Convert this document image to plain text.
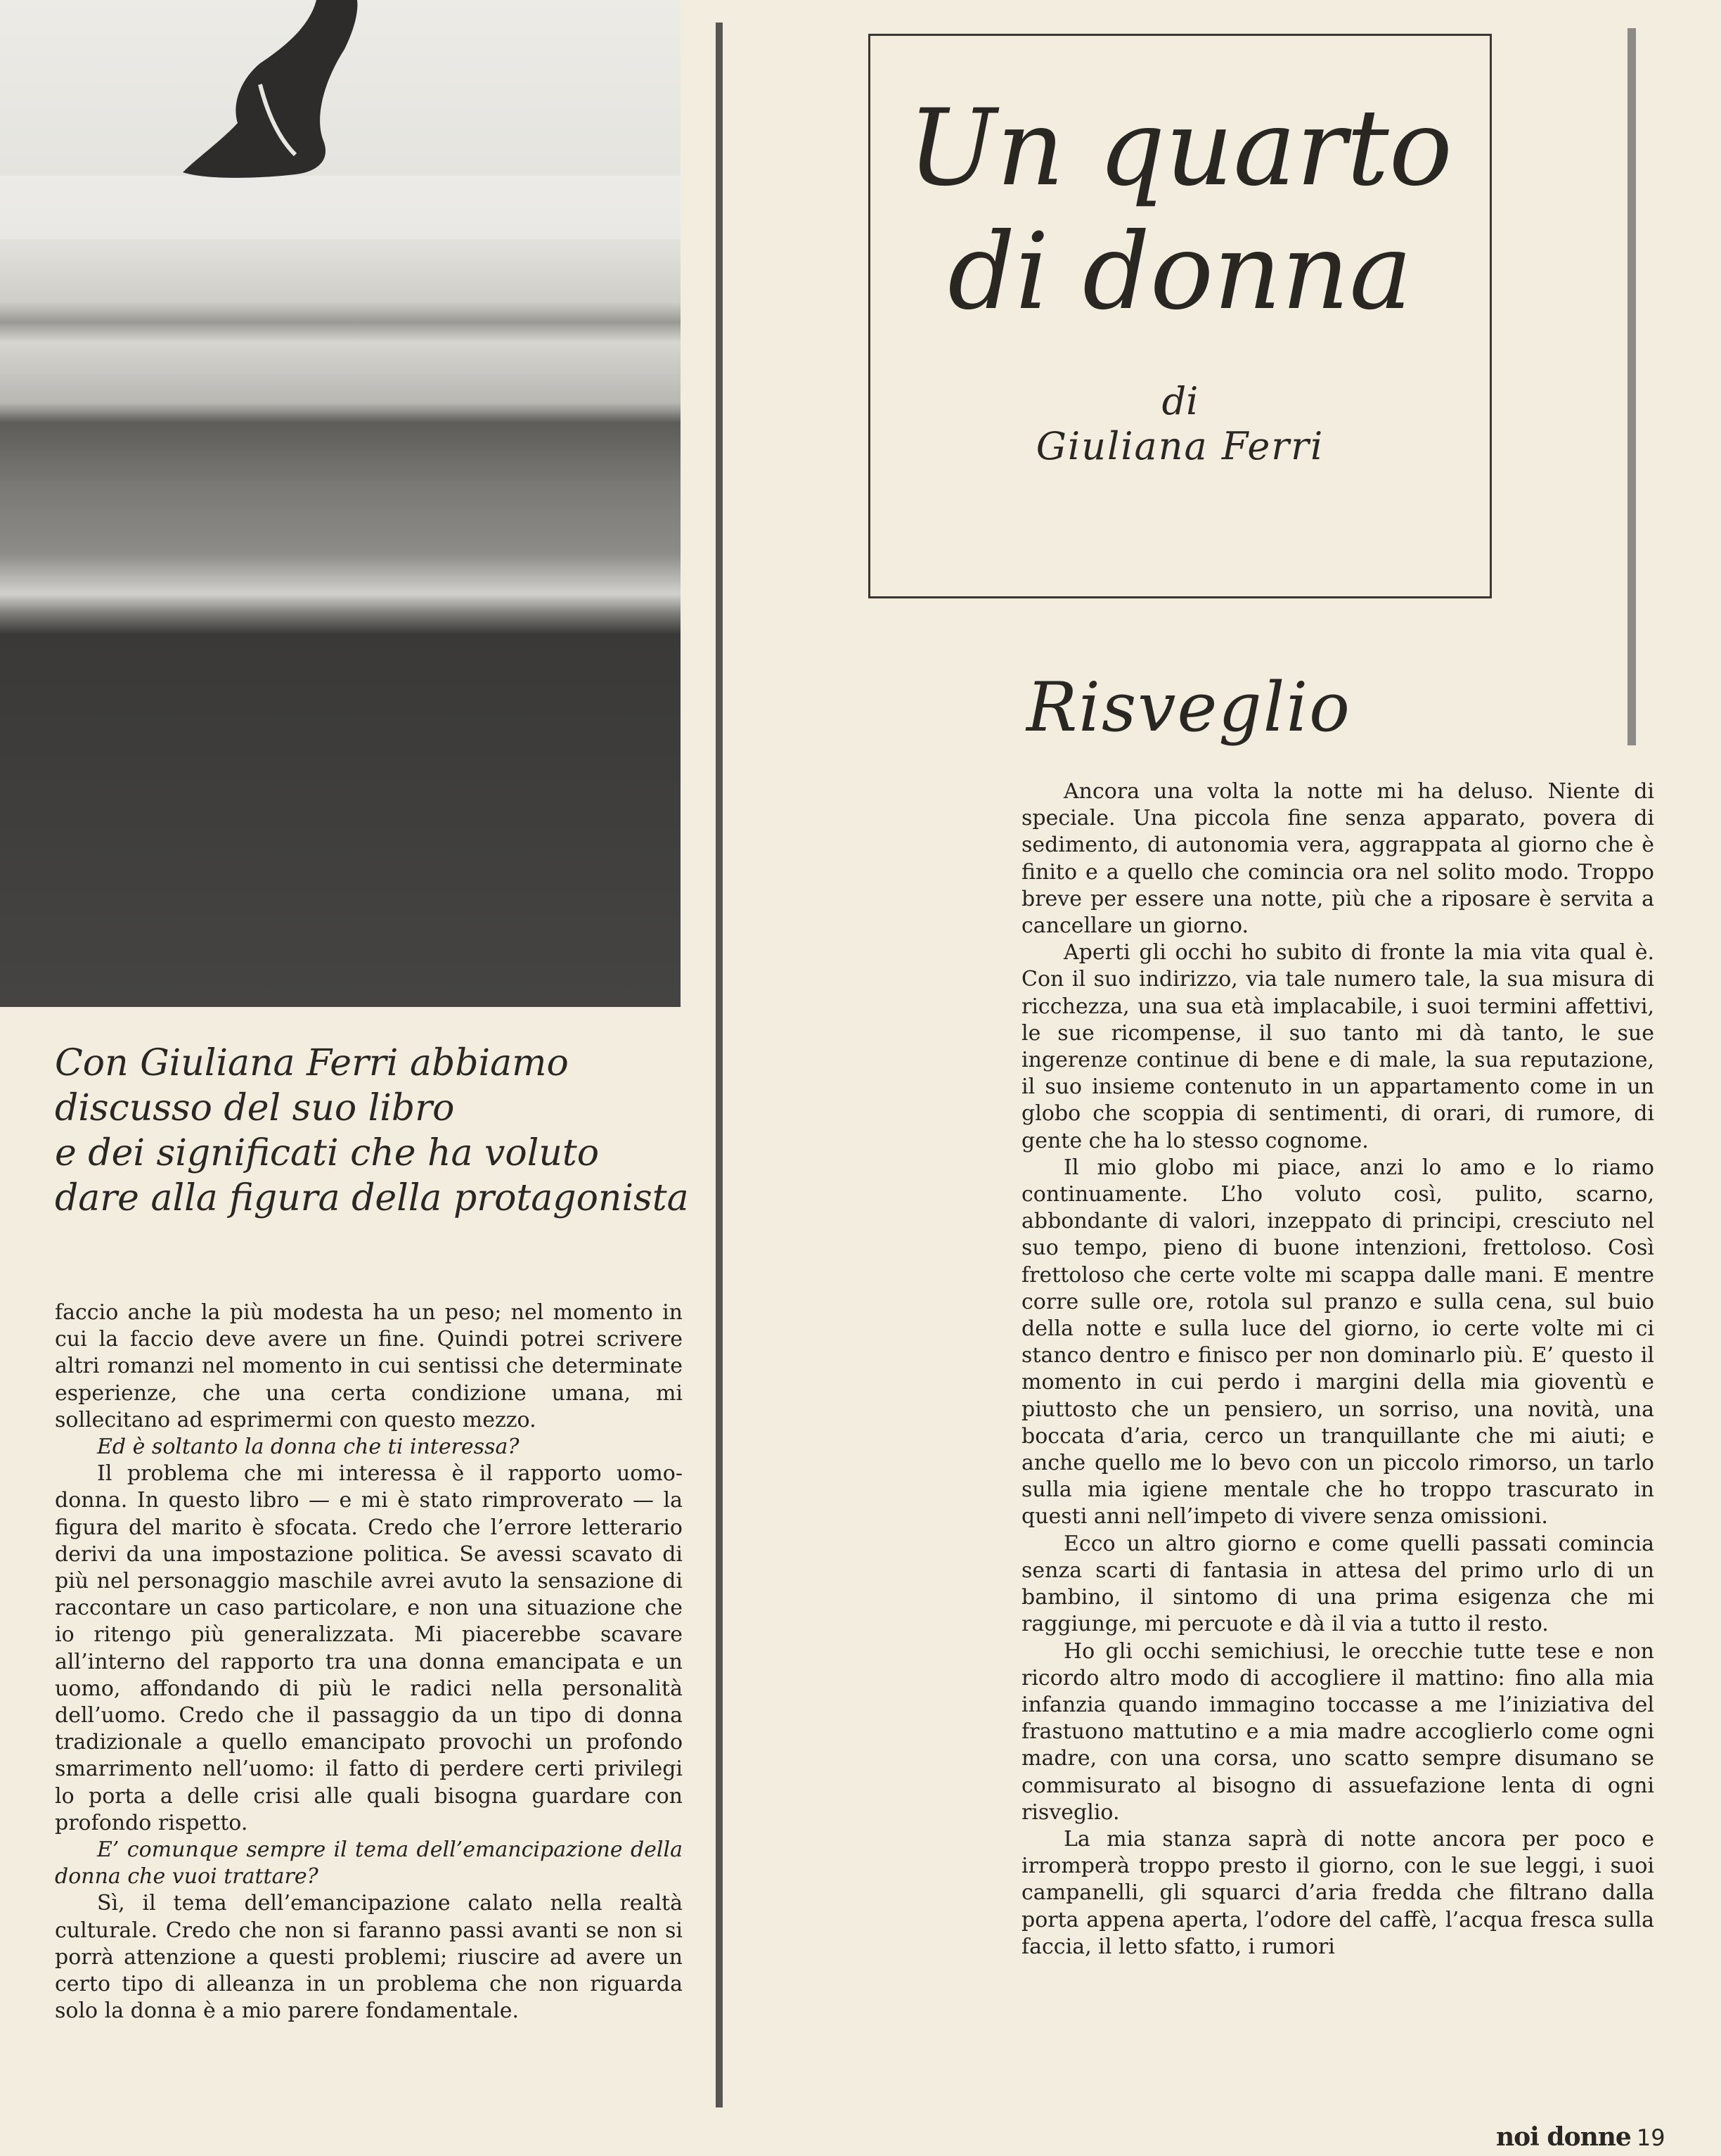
Un quarto
di donna
di
Giuliana Ferri
Risveglio
Con Giuliana Ferri abbiamo
discusso del suo libro
e dei significati che ha voluto
dare alla figura della protagonista

faccio anche la più modesta ha un peso; nel momento in cui la faccio deve avere un fine. Quindi potrei scrivere altri romanzi nel momento in cui sentissi che determinate esperienze, che una certa condizione umana, mi sollecitano ad esprimermi con questo mezzo.

Ed è soltanto la donna che ti interessa?

Il problema che mi interessa è il rapporto uomo-donna. In questo libro — e mi è stato rimproverato — la figura del marito è sfocata. Credo che l’errore letterario derivi da una impostazione politica. Se avessi scavato di più nel personaggio maschile avrei avuto la sensazione di raccontare un caso particolare, e non una situazione che io ritengo più generalizzata. Mi piacerebbe scavare all’interno del rapporto tra una donna emancipata e un uomo, affondando di più le radici nella personalità dell’uomo. Credo che il passaggio da un tipo di donna tradizionale a quello emancipato provochi un profondo smarrimento nell’uomo: il fatto di perdere certi privilegi lo porta a delle crisi alle quali bisogna guardare con profondo rispetto.

E’ comunque sempre il tema dell’emancipazione della donna che vuoi trattare?

Sì, il tema dell’emancipazione calato nella realtà culturale. Credo che non si faranno passi avanti se non si porrà attenzione a questi problemi; riuscire ad avere un certo tipo di alleanza in un problema che non riguarda solo la donna è a mio parere fondamentale.

Ancora una volta la notte mi ha deluso. Niente di speciale. Una piccola fine senza apparato, povera di sedimento, di autonomia vera, aggrappata al giorno che è finito e a quello che comincia ora nel solito modo. Troppo breve per essere una notte, più che a riposare è servita a cancellare un giorno.

Aperti gli occhi ho subito di fronte la mia vita qual è. Con il suo indirizzo, via tale numero tale, la sua misura di ricchezza, una sua età implacabile, i suoi termini affettivi, le sue ricompense, il suo tanto mi dà tanto, le sue ingerenze continue di bene e di male, la sua reputazione, il suo insieme contenuto in un appartamento come in un globo che scoppia di sentimenti, di orari, di rumore, di gente che ha lo stesso cognome.

Il mio globo mi piace, anzi lo amo e lo riamo continuamente. L’ho voluto così, pulito, scarno, abbondante di valori, inzeppato di principi, cresciuto nel suo tempo, pieno di buone intenzioni, frettoloso. Così frettoloso che certe volte mi scappa dalle mani. E mentre corre sulle ore, rotola sul pranzo e sulla cena, sul buio della notte e sulla luce del giorno, io certe volte mi ci stanco dentro e finisco per non dominarlo più. E’ questo il momento in cui perdo i margini della mia gioventù e piuttosto che un pensiero, un sorriso, una novità, una boccata d’aria, cerco un tranquillante che mi aiuti; e anche quello me lo bevo con un piccolo rimorso, un tarlo sulla mia igiene mentale che ho troppo trascurato in questi anni nell’impeto di vivere senza omissioni.

Ecco un altro giorno e come quelli passati comincia senza scarti di fantasia in attesa del primo urlo di un bambino, il sintomo di una prima esigenza che mi raggiunge, mi percuote e dà il via a tutto il resto.

Ho gli occhi semichiusi, le orecchie tutte tese e non ricordo altro modo di accogliere il mattino: fino alla mia infanzia quando immagino toccasse a me l’iniziativa del frastuono mattutino e a mia madre accoglierlo come ogni madre, con una corsa, uno scatto sempre disumano se commisurato al bisogno di assuefazione lenta di ogni risveglio.

La mia stanza saprà di notte ancora per poco e irromperà troppo presto il giorno, con le sue leggi, i suoi campanelli, gli squarci d’aria fredda che filtrano dalla porta appena aperta, l’odore del caffè, l’acqua fresca sulla faccia, il letto sfatto, i rumori

noi donne 19
